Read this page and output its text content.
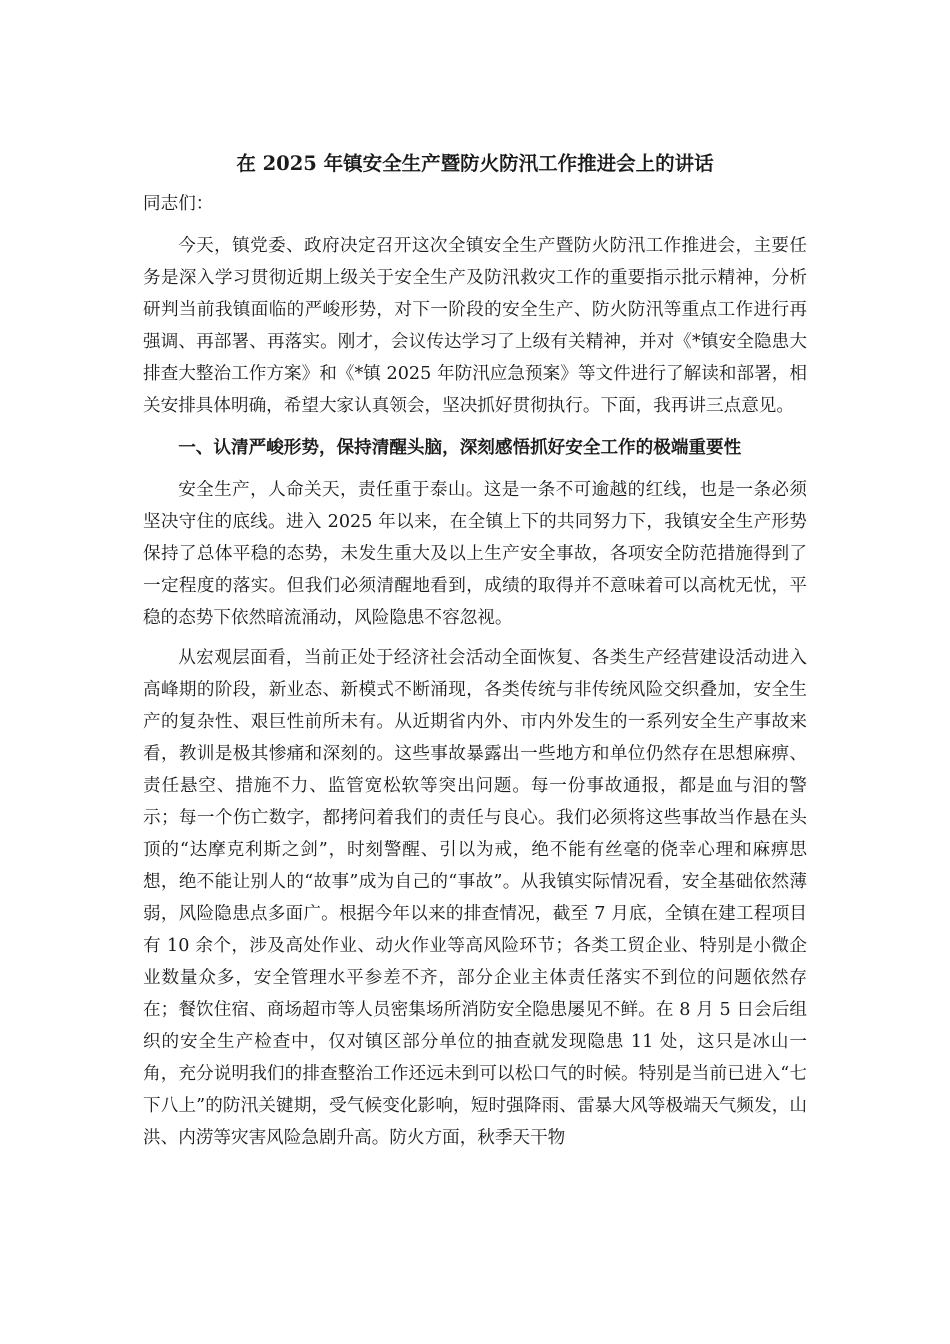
在 2025 年镇安全生产暨防火防汛工作推进会上的讲话
同志们：

今天，镇党委、政府决定召开这次全镇安全生产暨防火防汛工作推进会，主要任务是深入学习贯彻近期上级关于安全生产及防汛救灾工作的重要指示批示精神，分析研判当前我镇面临的严峻形势，对下一阶段的安全生产、防火防汛等重点工作进行再强调、再部署、再落实。刚才，会议传达学习了上级有关精神，并对《*镇安全隐患大排查大整治工作方案》和《*镇 2025 年防汛应急预案》等文件进行了解读和部署，相关安排具体明确，希望大家认真领会，坚决抓好贯彻执行。下面，我再讲三点意见。

一、认清严峻形势，保持清醒头脑，深刻感悟抓好安全工作的极端重要性

安全生产，人命关天，责任重于泰山。这是一条不可逾越的红线，也是一条必须坚决守住的底线。进入 2025 年以来，在全镇上下的共同努力下，我镇安全生产形势保持了总体平稳的态势，未发生重大及以上生产安全事故，各项安全防范措施得到了一定程度的落实。但我们必须清醒地看到，成绩的取得并不意味着可以高枕无忧，平稳的态势下依然暗流涌动，风险隐患不容忽视。

从宏观层面看，当前正处于经济社会活动全面恢复、各类生产经营建设活动进入高峰期的阶段，新业态、新模式不断涌现，各类传统与非传统风险交织叠加，安全生产的复杂性、艰巨性前所未有。从近期省内外、市内外发生的一系列安全生产事故来看，教训是极其惨痛和深刻的。这些事故暴露出一些地方和单位仍然存在思想麻痹、责任悬空、措施不力、监管宽松软等突出问题。每一份事故通报，都是血与泪的警示；每一个伤亡数字，都拷问着我们的责任与良心。我们必须将这些事故当作悬在头顶的“达摩克利斯之剑”，时刻警醒、引以为戒，绝不能有丝毫的侥幸心理和麻痹思想，绝不能让别人的“故事”成为自己的“事故”。从我镇实际情况看，安全基础依然薄弱，风险隐患点多面广。根据今年以来的排查情况，截至 7 月底，全镇在建工程项目有 10 余个，涉及高处作业、动火作业等高风险环节；各类工贸企业、特别是小微企业数量众多，安全管理水平参差不齐，部分企业主体责任落实不到位的问题依然存在；餐饮住宿、商场超市等人员密集场所消防安全隐患屡见不鲜。在 8 月 5 日会后组织的安全生产检查中，仅对镇区部分单位的抽查就发现隐患 11 处，这只是冰山一角，充分说明我们的排查整治工作还远未到可以松口气的时候。特别是当前已进入“七下八上”的防汛关键期，受气候变化影响，短时强降雨、雷暴大风等极端天气频发，山洪、内涝等灾害风险急剧升高。防火方面，秋季天干物
